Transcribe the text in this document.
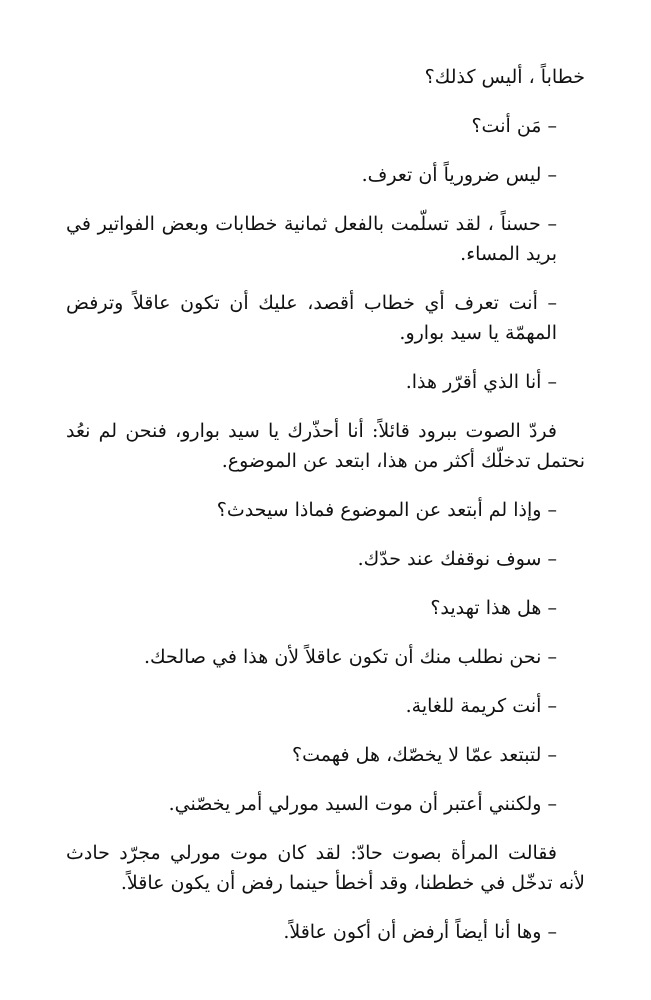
خطاباً ، أليس كذلك؟

– مَن أنت؟

– ليس ضرورياً أن تعرف.

– حسناً ، لقد تسلّمت بالفعل ثمانية خطابات وبعض الفواتير في بريد المساء.

– أنت تعرف أي خطاب أقصد، عليك أن تكون عاقلاً وترفض المهمّة يا سيد بوارو.

– أنا الذي أقرّر هذا.

فردّ الصوت ببرود قائلاً: أنا أحذّرك يا سيد بوارو، فنحن لم نعُد نحتمل تدخلّك أكثر من هذا، ابتعد عن الموضوع.

– وإذا لم أبتعد عن الموضوع فماذا سيحدث؟

– سوف نوقفك عند حدّك.

– هل هذا تهديد؟

– نحن نطلب منك أن تكون عاقلاً لأن هذا في صالحك.

– أنت كريمة للغاية.

– لتبتعد عمّا لا يخصّك، هل فهمت؟

– ولكنني أعتبر أن موت السيد مورلي أمر يخصّني.

فقالت المرأة بصوت حادّ: لقد كان موت مورلي مجرّد حادث لأنه تدخّل في خططنا، وقد أخطأ حينما رفض أن يكون عاقلاً.

– وها أنا أيضاً أرفض أن أكون عاقلاً.
